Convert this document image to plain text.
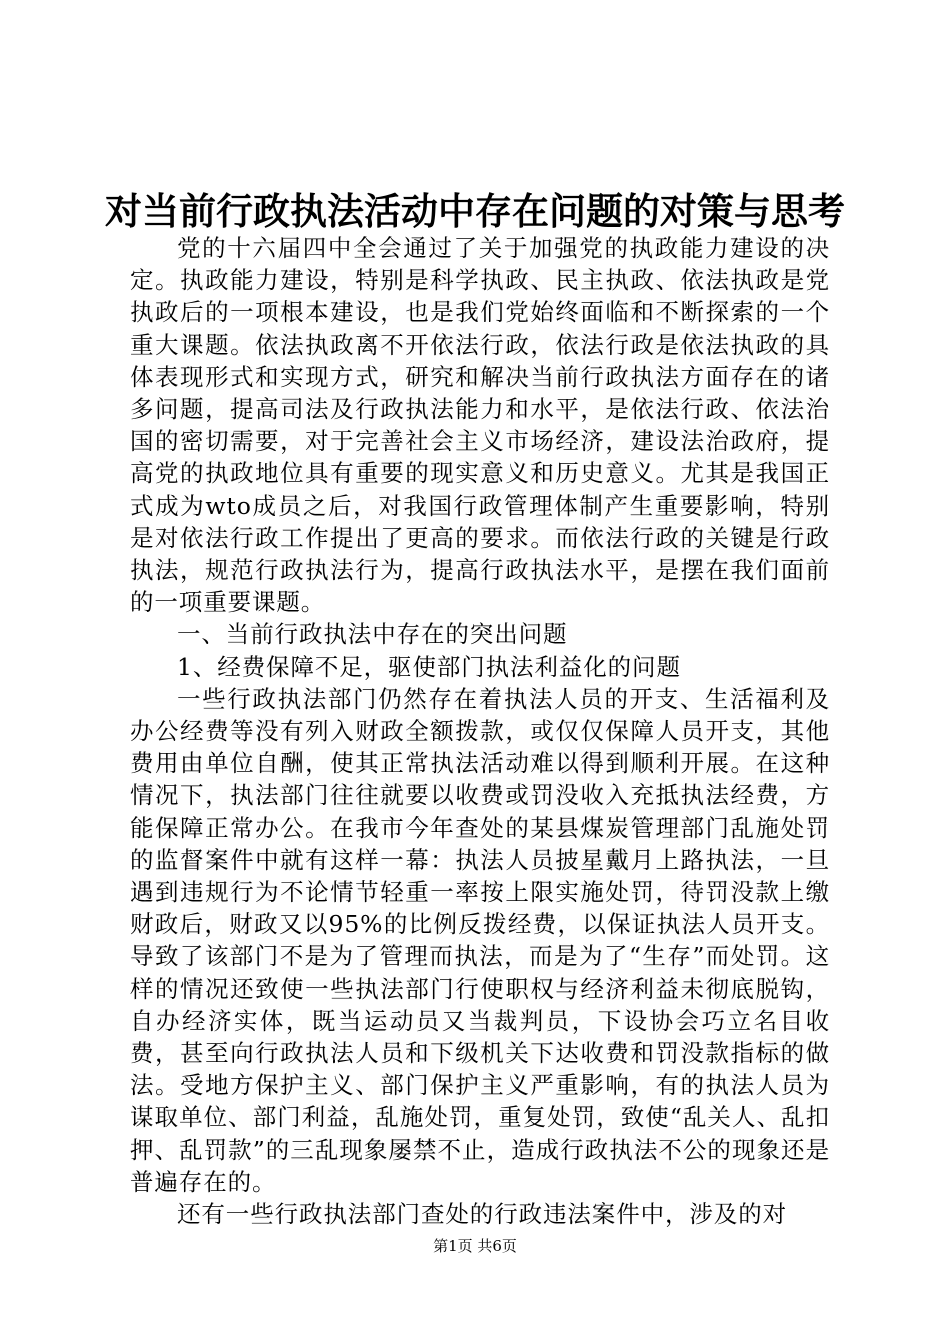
对当前行政执法活动中存在问题的对策与思考

党的十六届四中全会通过了关于加强党的执政能力建设的决定。执政能力建设，特别是科学执政、民主执政、依法执政是党执政后的一项根本建设，也是我们党始终面临和不断探索的一个重大课题。依法执政离不开依法行政，依法行政是依法执政的具体表现形式和实现方式，研究和解决当前行政执法方面存在的诸多问题，提高司法及行政执法能力和水平，是依法行政、依法治国的密切需要，对于完善社会主义市场经济，建设法治政府，提高党的执政地位具有重要的现实意义和历史意义。尤其是我国正式成为wto成员之后，对我国行政管理体制产生重要影响，特别是对依法行政工作提出了更高的要求。而依法行政的关键是行政执法，规范行政执法行为，提高行政执法水平，是摆在我们面前的一项重要课题。

一、当前行政执法中存在的突出问题

1、经费保障不足，驱使部门执法利益化的问题

一些行政执法部门仍然存在着执法人员的开支、生活福利及办公经费等没有列入财政全额拨款，或仅仅保障人员开支，其他费用由单位自酬，使其正常执法活动难以得到顺利开展。在这种情况下，执法部门往往就要以收费或罚没收入充抵执法经费，方能保障正常办公。在我市今年查处的某县煤炭管理部门乱施处罚的监督案件中就有这样一幕：执法人员披星戴月上路执法，一旦遇到违规行为不论情节轻重一率按上限实施处罚，待罚没款上缴财政后，财政又以95%的比例反拨经费，以保证执法人员开支。导致了该部门不是为了管理而执法，而是为了“生存”而处罚。这样的情况还致使一些执法部门行使职权与经济利益未彻底脱钩，自办经济实体，既当运动员又当裁判员，下设协会巧立名目收费，甚至向行政执法人员和下级机关下达收费和罚没款指标的做法。受地方保护主义、部门保护主义严重影响，有的执法人员为谋取单位、部门利益，乱施处罚，重复处罚，致使“乱关人、乱扣押、乱罚款”的三乱现象屡禁不止，造成行政执法不公的现象还是普遍存在的。

还有一些行政执法部门查处的行政违法案件中，涉及的对

第1页 共6页
